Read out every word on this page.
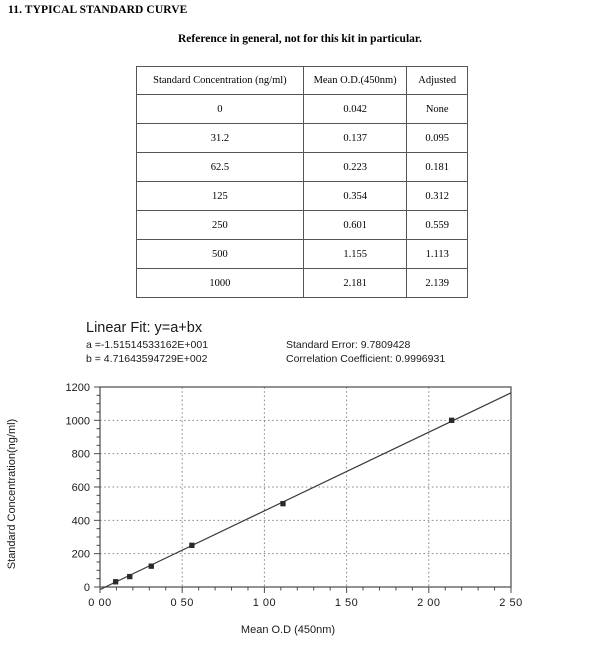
11. TYPICAL STANDARD CURVE
Reference in general, not for this kit in particular.
Standard Concentration (ng/ml)	Mean O.D.(450nm)	Adjusted
0	0.042	None
31.2	0.137	0.095
62.5	0.223	0.181
125	0.354	0.312
250	0.601	0.559
500	1.155	1.113
1000	2.181	2.139
Linear Fit: y=a+bx
a =-1.51514533162E+001
b = 4.71643594729E+002
Standard Error: 9.7809428
Correlation Coefficient: 0.9996931
0
200
400
600
800
1000
1200
0 00	0 50	1 00	1 50	2 00	2 50
Mean O.D (450nm)
Standard Concentration(ng/ml)
